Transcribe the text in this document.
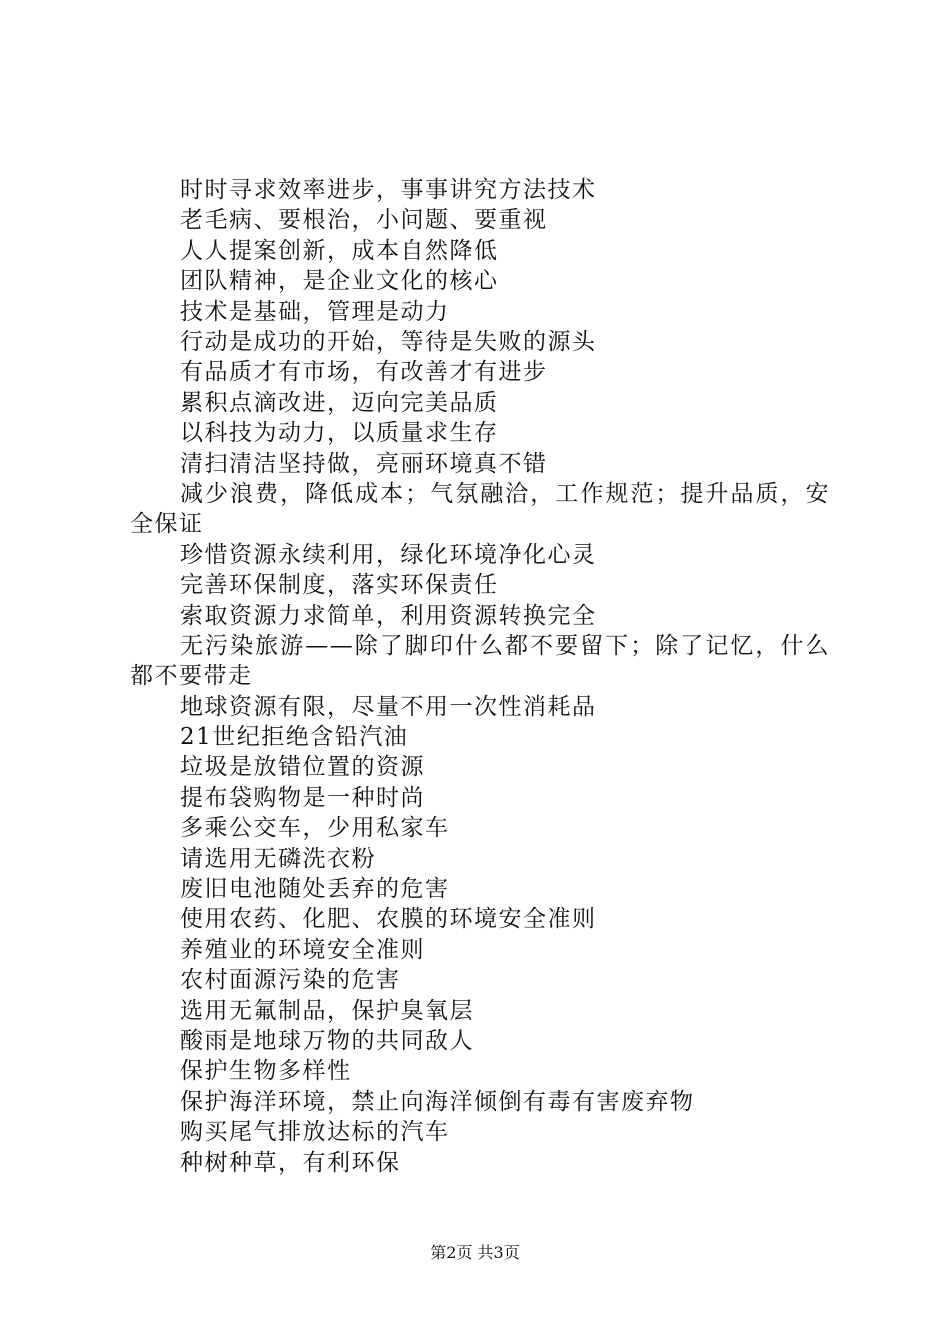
时时寻求效率进步，事事讲究方法技术
老毛病、要根治，小问题、要重视
人人提案创新，成本自然降低
团队精神，是企业文化的核心
技术是基础，管理是动力
行动是成功的开始，等待是失败的源头
有品质才有市场，有改善才有进步
累积点滴改进，迈向完美品质
以科技为动力，以质量求生存
清扫清洁坚持做，亮丽环境真不错
减少浪费，降低成本；气氛融洽，工作规范；提升品质，安全保证
珍惜资源永续利用，绿化环境净化心灵
完善环保制度，落实环保责任
索取资源力求简单，利用资源转换完全
无污染旅游——除了脚印什么都不要留下；除了记忆，什么都不要带走
地球资源有限，尽量不用一次性消耗品
21世纪拒绝含铅汽油
垃圾是放错位置的资源
提布袋购物是一种时尚
多乘公交车，少用私家车
请选用无磷洗衣粉
废旧电池随处丢弃的危害
使用农药、化肥、农膜的环境安全准则
养殖业的环境安全准则
农村面源污染的危害
选用无氟制品，保护臭氧层
酸雨是地球万物的共同敌人
保护生物多样性
保护海洋环境，禁止向海洋倾倒有毒有害废弃物
购买尾气排放达标的汽车
种树种草，有利环保
第2页 共3页
